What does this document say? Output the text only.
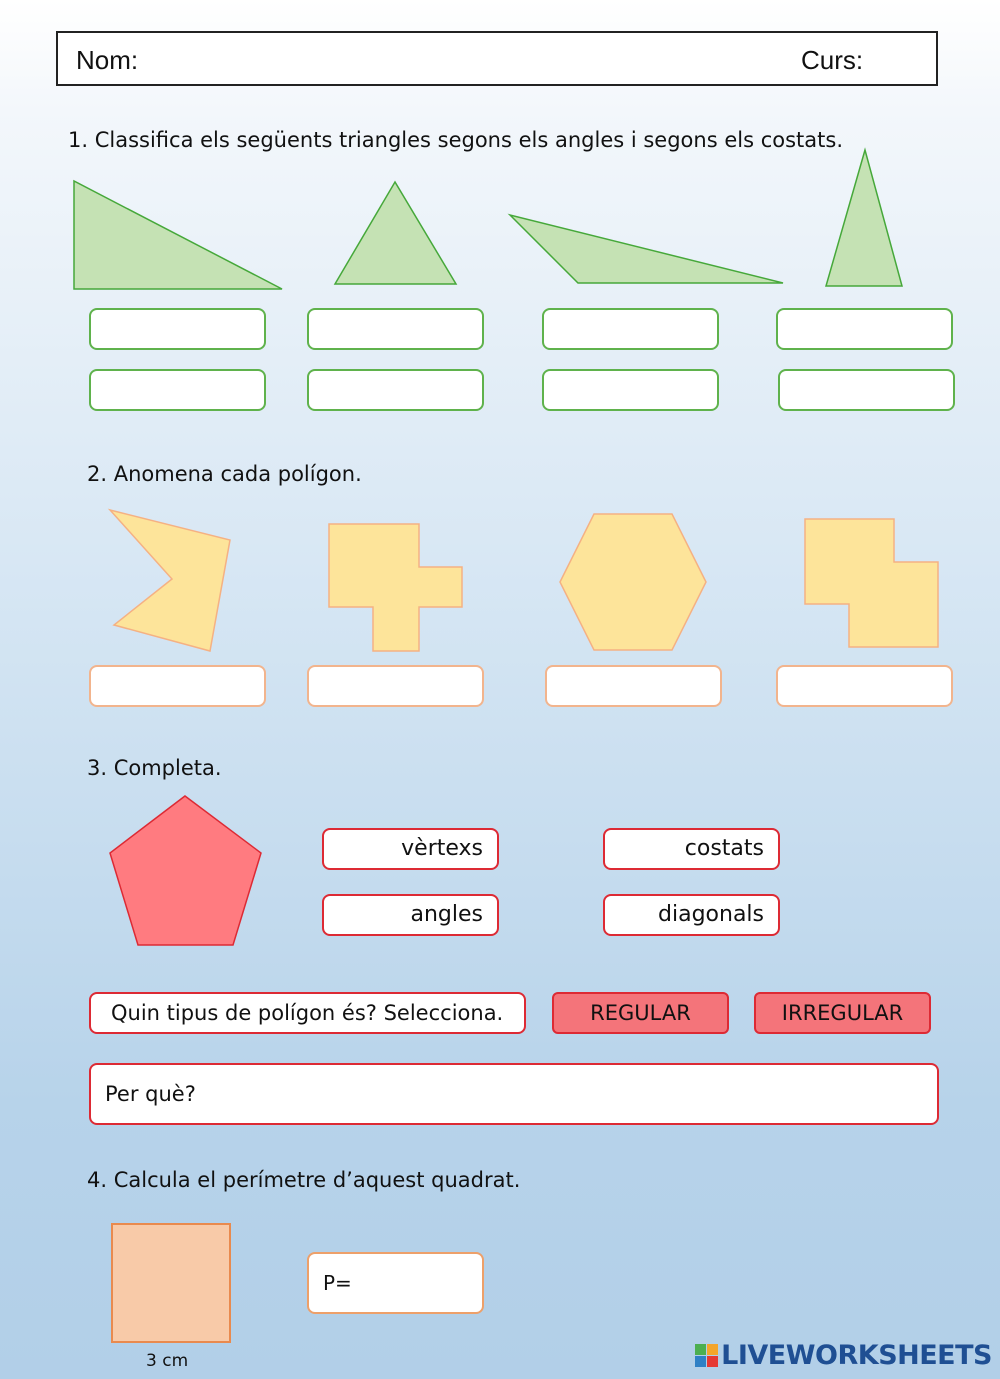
Nom:	Curs:
1. Classifica els següents triangles segons els angles i segons els costats.
2. Anomena cada polígon.
3. Completa.
vèrtexs	costats
angles	diagonals
Quin tipus de polígon és? Selecciona.	REGULAR	IRREGULAR
Per què?
4. Calcula el perímetre d’aquest quadrat.
3 cm
P=
LIVEWORKSHEETS
